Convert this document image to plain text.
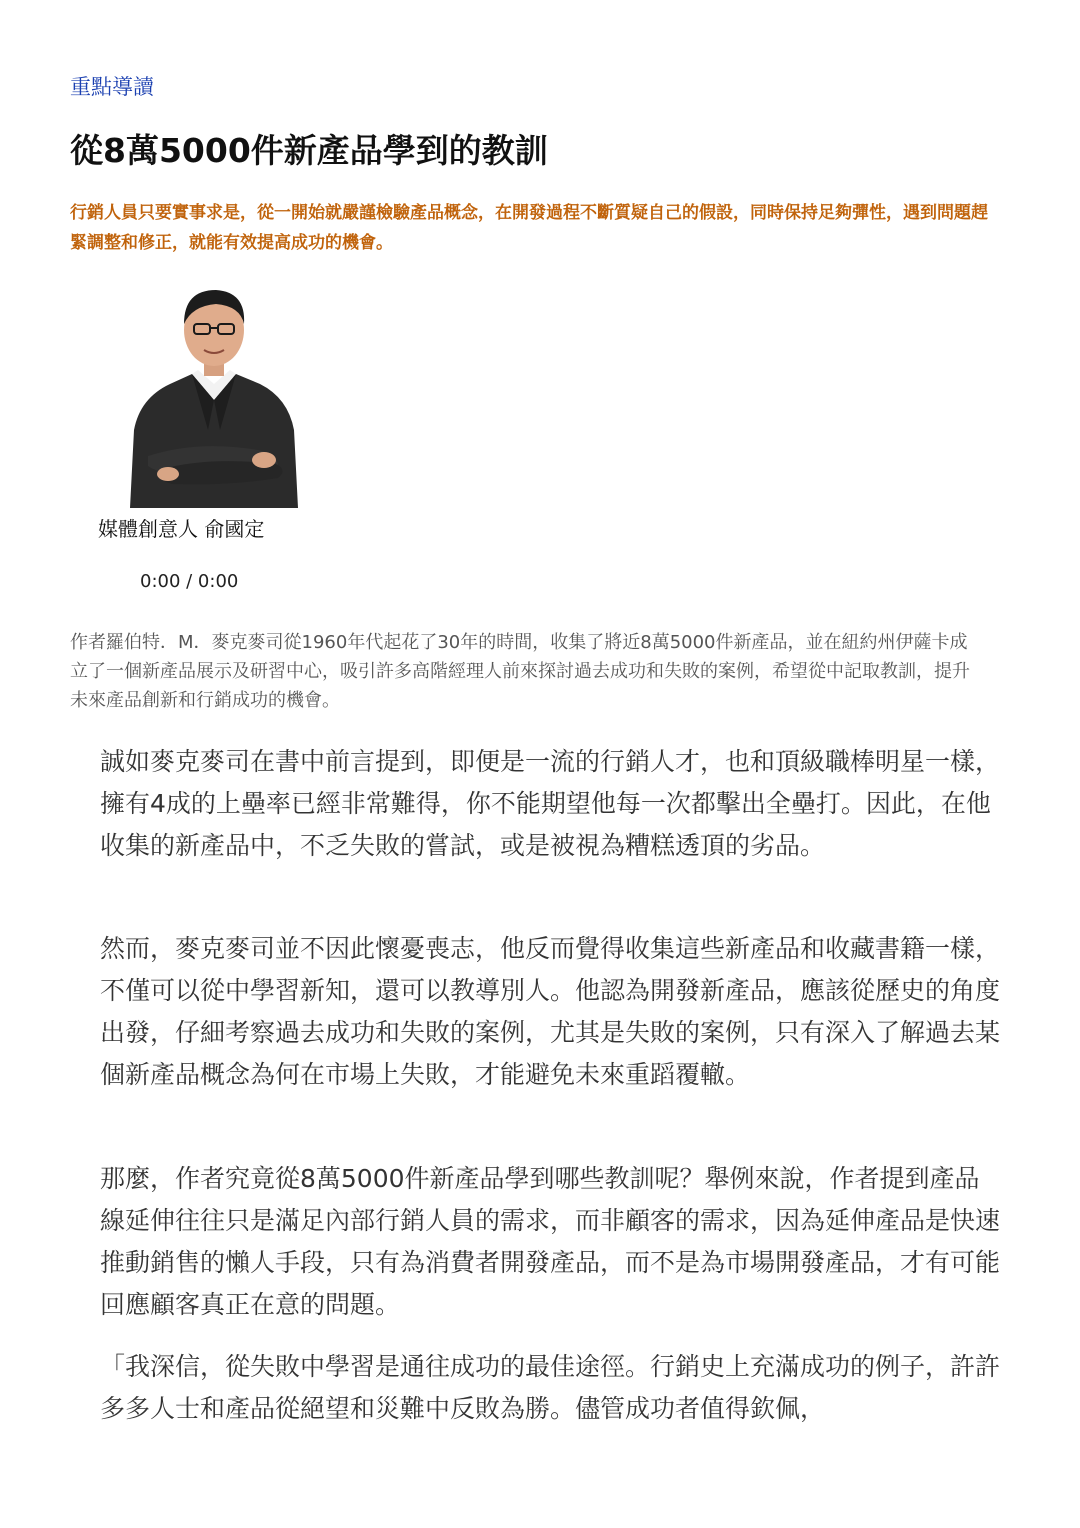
重點導讀
從8萬5000件新產品學到的教訓

行銷人員只要實事求是，從一開始就嚴謹檢驗產品概念，在開發過程不斷質疑自己的假設，同時保持足夠彈性，遇到問題趕緊調整和修正，就能有效提高成功的機會。

媒體創意人 俞國定
0:00 / 0:00

作者羅伯特．M．麥克麥司從1960年代起花了30年的時間，收集了將近8萬5000件新產品，並在紐約州伊薩卡成立了一個新產品展示及研習中心，吸引許多高階經理人前來探討過去成功和失敗的案例，希望從中記取教訓，提升未來產品創新和行銷成功的機會。

誠如麥克麥司在書中前言提到，即便是一流的行銷人才，也和頂級職棒明星一樣，擁有4成的上壘率已經非常難得，你不能期望他每一次都擊出全壘打。因此，在他收集的新產品中，不乏失敗的嘗試，或是被視為糟糕透頂的劣品。

然而，麥克麥司並不因此懷憂喪志，他反而覺得收集這些新產品和收藏書籍一樣，不僅可以從中學習新知，還可以教導別人。他認為開發新產品，應該從歷史的角度出發，仔細考察過去成功和失敗的案例，尤其是失敗的案例，只有深入了解過去某個新產品概念為何在市場上失敗，才能避免未來重蹈覆轍。

那麼，作者究竟從8萬5000件新產品學到哪些教訓呢？舉例來說，作者提到產品線延伸往往只是滿足內部行銷人員的需求，而非顧客的需求，因為延伸產品是快速推動銷售的懶人手段，只有為消費者開發產品，而不是為市場開發產品，才有可能回應顧客真正在意的問題。

「我深信，從失敗中學習是通往成功的最佳途徑。行銷史上充滿成功的例子，許許多多人士和產品從絕望和災難中反敗為勝。儘管成功者值得欽佩，
